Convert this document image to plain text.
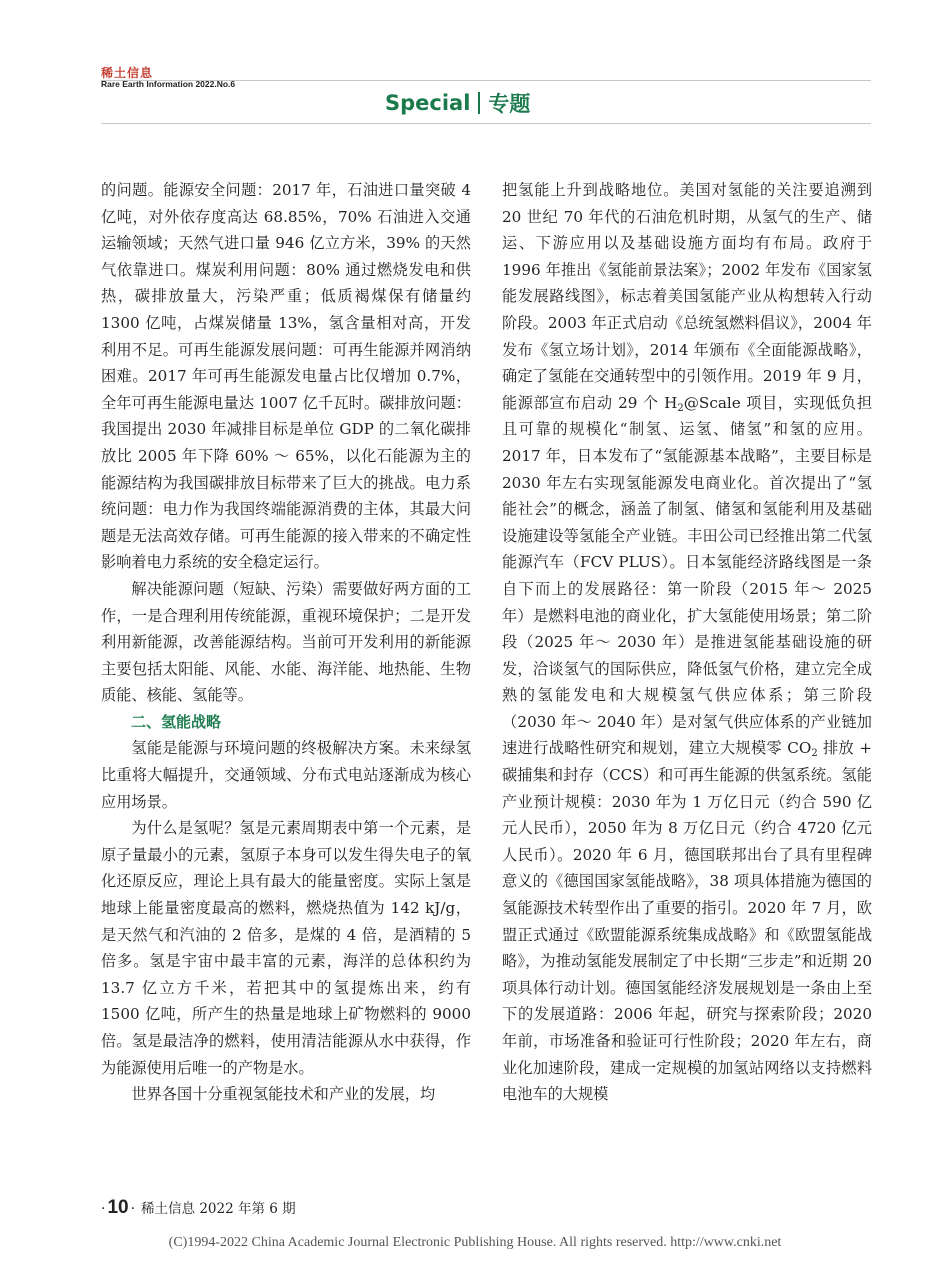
稀土信息
Rare Earth Information 2022.No.6
Special 专题

的问题。能源安全问题：2017 年，石油进口量突破 4 亿吨，对外依存度高达 68.85%，70% 石油进入交通运输领域；天然气进口量 946 亿立方米，39% 的天然气依靠进口。煤炭利用问题：80% 通过燃烧发电和供热，碳排放量大，污染严重；低质褐煤保有储量约 1300 亿吨，占煤炭储量 13%，氢含量相对高，开发利用不足。可再生能源发展问题：可再生能源并网消纳困难。2017 年可再生能源发电量占比仅增加 0.7%，全年可再生能源电量达 1007 亿千瓦时。碳排放问题：我国提出 2030 年减排目标是单位 GDP 的二氧化碳排放比 2005 年下降 60% ～ 65%，以化石能源为主的能源结构为我国碳排放目标带来了巨大的挑战。电力系统问题：电力作为我国终端能源消费的主体，其最大问题是无法高效存储。可再生能源的接入带来的不确定性影响着电力系统的安全稳定运行。

解决能源问题（短缺、污染）需要做好两方面的工作，一是合理利用传统能源，重视环境保护；二是开发利用新能源，改善能源结构。当前可开发利用的新能源主要包括太阳能、风能、水能、海洋能、地热能、生物质能、核能、氢能等。

二、氢能战略

氢能是能源与环境问题的终极解决方案。未来绿氢比重将大幅提升，交通领域、分布式电站逐渐成为核心应用场景。

为什么是氢呢？氢是元素周期表中第一个元素，是原子量最小的元素，氢原子本身可以发生得失电子的氧化还原反应，理论上具有最大的能量密度。实际上氢是地球上能量密度最高的燃料，燃烧热值为 142 kJ/g，是天然气和汽油的 2 倍多，是煤的 4 倍，是酒精的 5 倍多。氢是宇宙中最丰富的元素，海洋的总体积约为 13.7 亿立方千米，若把其中的氢提炼出来，约有 1500 亿吨，所产生的热量是地球上矿物燃料的 9000 倍。氢是最洁净的燃料，使用清洁能源从水中获得，作为能源使用后唯一的产物是水。

世界各国十分重视氢能技术和产业的发展，均

把氢能上升到战略地位。美国对氢能的关注要追溯到 20 世纪 70 年代的石油危机时期，从氢气的生产、储运、下游应用以及基础设施方面均有布局。政府于 1996 年推出《氢能前景法案》；2002 年发布《国家氢能发展路线图》，标志着美国氢能产业从构想转入行动阶段。2003 年正式启动《总统氢燃料倡议》，2004 年发布《氢立场计划》，2014 年颁布《全面能源战略》，确定了氢能在交通转型中的引领作用。2019 年 9 月，能源部宣布启动 29 个 $H_2@Scale$ 项目，实现低负担且可靠的规模化“制氢、运氢、储氢”和氢的应用。2017 年，日本发布了“氢能源基本战略”，主要目标是 2030 年左右实现氢能源发电商业化。首次提出了“氢能社会”的概念，涵盖了制氢、储氢和氢能利用及基础设施建设等氢能全产业链。丰田公司已经推出第二代氢能源汽车（FCV PLUS）。日本氢能经济路线图是一条自下而上的发展路径：第一阶段（2015 年～ 2025 年）是燃料电池的商业化，扩大氢能使用场景；第二阶段（2025 年～ 2030 年）是推进氢能基础设施的研发，洽谈氢气的国际供应，降低氢气价格，建立完全成熟的氢能发电和大规模氢气供应体系；第三阶段（2030 年～ 2040 年）是对氢气供应体系的产业链加速进行战略性研究和规划，建立大规模零 $CO_2$ 排放 + 碳捕集和封存（CCS）和可再生能源的供氢系统。氢能产业预计规模：2030 年为 1 万亿日元（约合 590 亿元人民币），2050 年为 8 万亿日元（约合 4720 亿元人民币）。2020 年 6 月，德国联邦出台了具有里程碑意义的《德国国家氢能战略》，38 项具体措施为德国的氢能源技术转型作出了重要的指引。2020 年 7 月，欧盟正式通过《欧盟能源系统集成战略》和《欧盟氢能战略》，为推动氢能发展制定了中长期“三步走”和近期 20 项具体行动计划。德国氢能经济发展规划是一条由上至下的发展道路：2006 年起，研究与探索阶段；2020 年前，市场准备和验证可行性阶段；2020 年左右，商业化加速阶段，建成一定规模的加氢站网络以支持燃料电池车的大规模

· 10 · 稀土信息 2022 年第 6 期
(C)1994-2022 China Academic Journal Electronic Publishing House. All rights reserved. http://www.cnki.net
